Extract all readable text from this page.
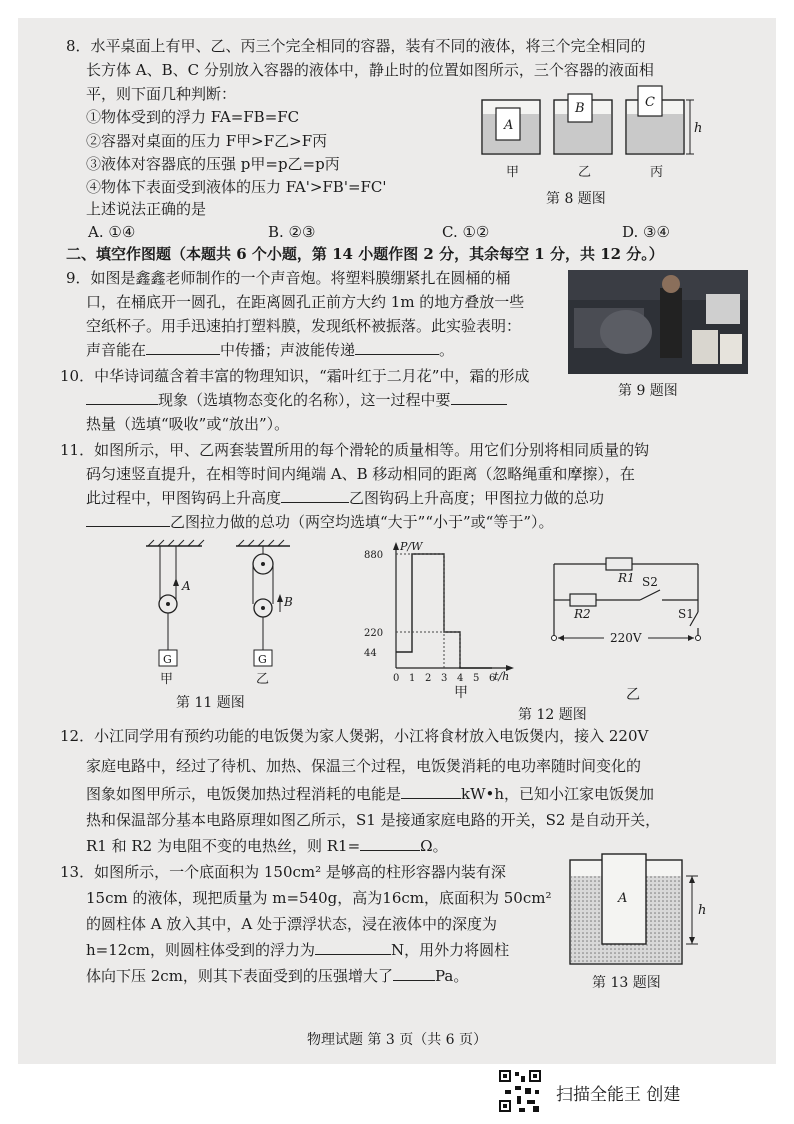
8．水平桌面上有甲、乙、丙三个完全相同的容器，装有不同的液体，将三个完全相同的
长方体 A、B、C 分别放入容器的液体中，静止时的位置如图所示，三个容器的液面相
平，则下面几种判断：
①物体受到的浮力 FA=FB=FC
②容器对桌面的压力 F甲>F乙>F丙
③液体对容器底的压强 p甲=p乙=p丙
④物体下表面受到液体的压力 FA'>FB'=FC'
上述说法正确的是
A. ①④	B. ②③	C. ①②	D. ③④
A
B	C
h
甲	乙	丙
第 8 题图
二、填空作图题（本题共 6 个小题，第 14 小题作图 2 分，其余每空 1 分，共 12 分。）
9．如图是鑫鑫老师制作的一个声音炮。将塑料膜绷紧扎在圆桶的桶
口，在桶底开一圆孔，在距离圆孔正前方大约 1m 的地方叠放一些
空纸杯子。用手迅速拍打塑料膜，发现纸杯被振落。此实验表明：
声音能在	中传播；声波能传递	。
第 9 题图
10．中华诗词蕴含着丰富的物理知识，“霜叶红于二月花”中，霜的形成
现象（选填物态变化的名称），这一过程中要
热量（选填“吸收”或“放出”）。
11．如图所示，甲、乙两套装置所用的每个滑轮的质量相等。用它们分别将相同质量的钩
码匀速竖直提升，在相等时间内绳端 A、B 移动相同的距离（忽略绳重和摩擦），在
此过程中，甲图钩码上升高度	乙图钩码上升高度；甲图拉力做的总功
乙图拉力做的总功（两空均选填“大于”“小于”或“等于”）。
A
G
甲
B
G
乙
第 11 题图
P/W
t/h
880
220
44
0 1 2 3 4 5 6
甲
R1
R2
S2
S1
220V
乙
第 12 题图
12．小江同学用有预约功能的电饭煲为家人煲粥，小江将食材放入电饭煲内，接入 220V
家庭电路中，经过了待机、加热、保温三个过程，电饭煲消耗的电功率随时间变化的
图象如图甲所示，电饭煲加热过程消耗的电能是	kW•h，已知小江家电饭煲加
热和保温部分基本电路原理如图乙所示，S1 是接通家庭电路的开关，S2 是自动开关，
R1 和 R2 为电阻不变的电热丝，则 R1=	Ω。
13．如图所示，一个底面积为 150cm² 是够高的柱形容器内装有深
15cm 的液体，现把质量为 m=540g，高为16cm，底面积为 50cm²
的圆柱体 A 放入其中，A 处于漂浮状态，浸在液体中的深度为
h=12cm，则圆柱体受到的浮力为	N，用外力将圆柱
体向下压 2cm，则其下表面受到的压强增大了	Pa。
A
h
第 13 题图
物理试题 第 3 页（共 6 页）
扫描全能王 创建
